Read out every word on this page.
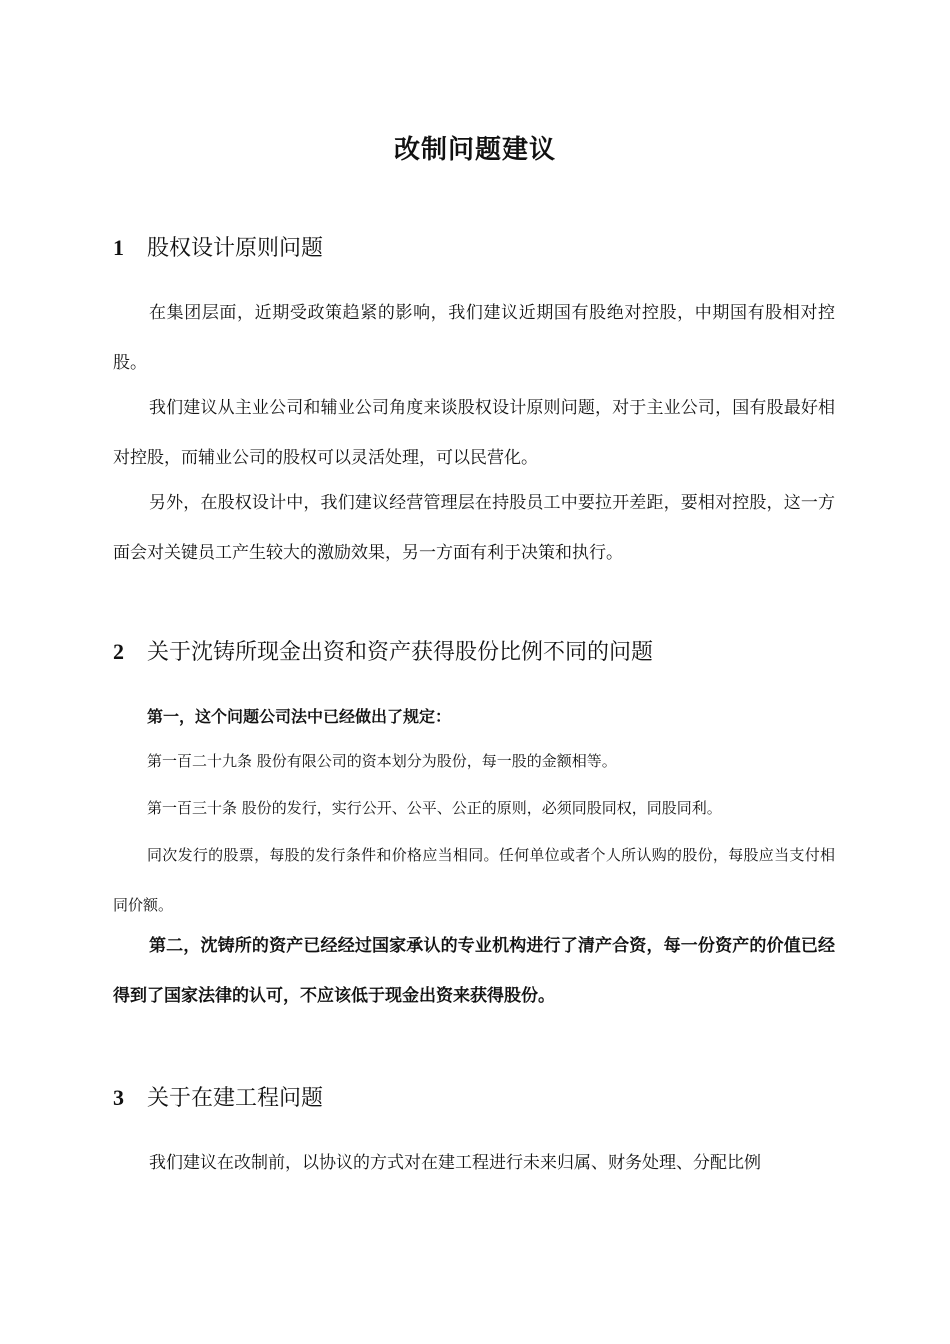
改制问题建议
1 股权设计原则问题

在集团层面，近期受政策趋紧的影响，我们建议近期国有股绝对控股，中期国有股相对控股。

我们建议从主业公司和辅业公司角度来谈股权设计原则问题，对于主业公司，国有股最好相对控股，而辅业公司的股权可以灵活处理，可以民营化。

另外，在股权设计中，我们建议经营管理层在持股员工中要拉开差距，要相对控股，这一方面会对关键员工产生较大的激励效果，另一方面有利于决策和执行。

2 关于沈铸所现金出资和资产获得股份比例不同的问题

第一，这个问题公司法中已经做出了规定：

第一百二十九条 股份有限公司的资本划分为股份，每一股的金额相等。

第一百三十条 股份的发行，实行公开、公平、公正的原则，必须同股同权，同股同利。

同次发行的股票，每股的发行条件和价格应当相同。任何单位或者个人所认购的股份，每股应当支付相同价额。

第二，沈铸所的资产已经经过国家承认的专业机构进行了清产合资，每一份资产的价值已经得到了国家法律的认可，不应该低于现金出资来获得股份。

3 关于在建工程问题

我们建议在改制前，以协议的方式对在建工程进行未来归属、财务处理、分配比例
